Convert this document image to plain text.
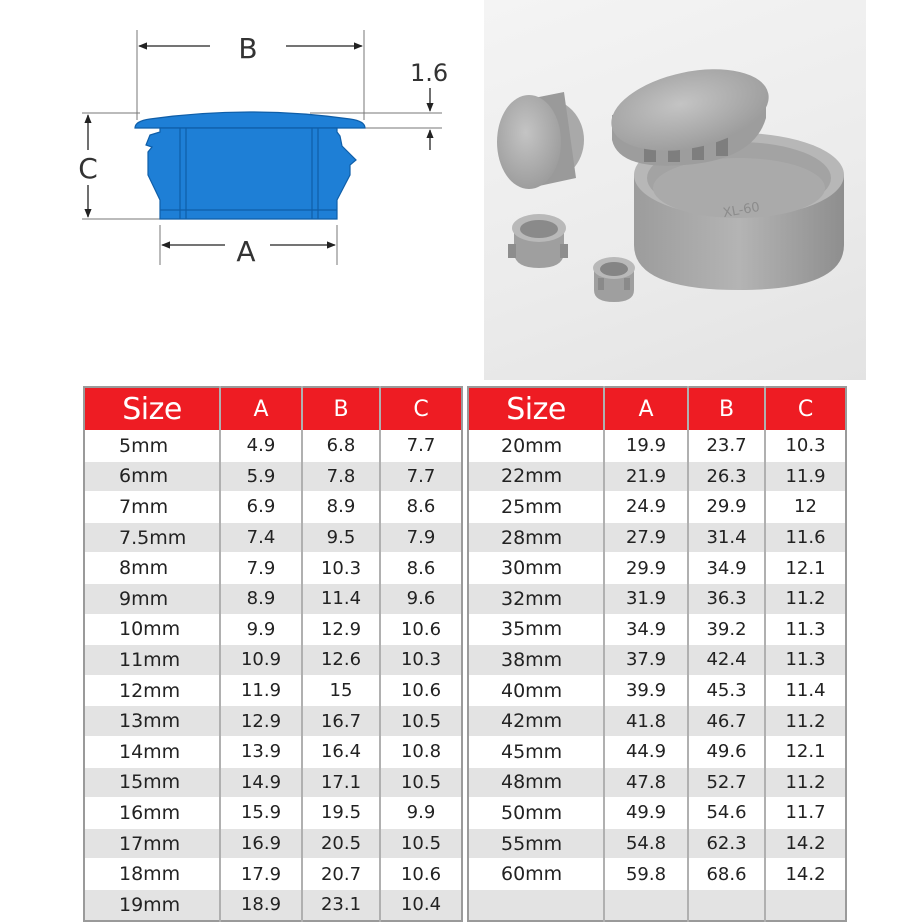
B
1.6
C
A
XL-60
Size	A	B	C
5mm	4.9	6.8	7.7
6mm	5.9	7.8	7.7
7mm	6.9	8.9	8.6
7.5mm	7.4	9.5	7.9
8mm	7.9	10.3	8.6
9mm	8.9	11.4	9.6
10mm	9.9	12.9	10.6
11mm	10.9	12.6	10.3
12mm	11.9	15	10.6
13mm	12.9	16.7	10.5
14mm	13.9	16.4	10.8
15mm	14.9	17.1	10.5
16mm	15.9	19.5	9.9
17mm	16.9	20.5	10.5
18mm	17.9	20.7	10.6
19mm	18.9	23.1	10.4
Size	A	B	C
20mm	19.9	23.7	10.3
22mm	21.9	26.3	11.9
25mm	24.9	29.9	12
28mm	27.9	31.4	11.6
30mm	29.9	34.9	12.1
32mm	31.9	36.3	11.2
35mm	34.9	39.2	11.3
38mm	37.9	42.4	11.3
40mm	39.9	45.3	11.4
42mm	41.8	46.7	11.2
45mm	44.9	49.6	12.1
48mm	47.8	52.7	11.2
50mm	49.9	54.6	11.7
55mm	54.8	62.3	14.2
60mm	59.8	68.6	14.2
